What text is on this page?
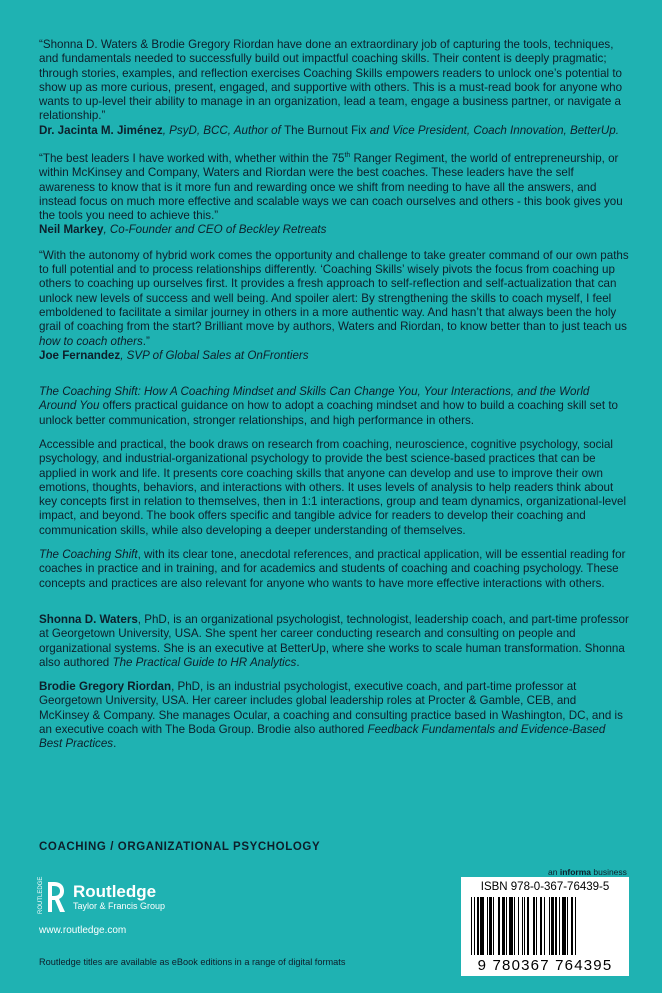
“Shonna D. Waters & Brodie Gregory Riordan have done an extraordinary job of capturing the tools, techniques, and fundamentals needed to successfully build out impactful coaching skills. Their content is deeply pragmatic; through stories, examples, and reflection exercises Coaching Skills empowers readers to unlock one’s potential to show up as more curious, present, engaged, and supportive with others. This is a must-read book for anyone who wants to up-level their ability to manage in an organization, lead a team, engage a business partner, or navigate a relationship.”

Dr. Jacinta M. Jiménez, PsyD, BCC, Author of The Burnout Fix and Vice President, Coach Innovation, BetterUp.

“The best leaders I have worked with, whether within the 75th Ranger Regiment, the world of entrepreneurship, or within McKinsey and Company, Waters and Riordan were the best coaches. These leaders have the self awareness to know that is it more fun and rewarding once we shift from needing to have all the answers, and instead focus on much more effective and scalable ways we can coach ourselves and others - this book gives you the tools you need to achieve this.”

Neil Markey, Co-Founder and CEO of Beckley Retreats

“With the autonomy of hybrid work comes the opportunity and challenge to take greater command of our own paths to full potential and to process relationships differently. ‘Coaching Skills’ wisely pivots the focus from coaching up others to coaching up ourselves first. It provides a fresh approach to self-reflection and self-actualization that can unlock new levels of success and well being. And spoiler alert: By strengthening the skills to coach myself, I feel emboldened to facilitate a similar journey in others in a more authentic way. And hasn’t that always been the holy grail of coaching from the start? Brilliant move by authors, Waters and Riordan, to know better than to just teach us how to coach others.”

Joe Fernandez, SVP of Global Sales at OnFrontiers

The Coaching Shift: How A Coaching Mindset and Skills Can Change You, Your Interactions, and the World Around You offers practical guidance on how to adopt a coaching mindset and how to build a coaching skill set to unlock better communication, stronger relationships, and high performance in others.

Accessible and practical, the book draws on research from coaching, neuroscience, cognitive psychology, social psychology, and industrial-organizational psychology to provide the best science-based practices that can be applied in work and life. It presents core coaching skills that anyone can develop and use to improve their own emotions, thoughts, behaviors, and interactions with others. It uses levels of analysis to help readers think about key concepts first in relation to themselves, then in 1:1 interactions, group and team dynamics, organizational-level impact, and beyond. The book offers specific and tangible advice for readers to develop their coaching and communication skills, while also developing a deeper understanding of themselves.

The Coaching Shift, with its clear tone, anecdotal references, and practical application, will be essential reading for coaches in practice and in training, and for academics and students of coaching and coaching psychology. These concepts and practices are also relevant for anyone who wants to have more effective interactions with others.

Shonna D. Waters, PhD, is an organizational psychologist, technologist, leadership coach, and part-time professor at Georgetown University, USA. She spent her career conducting research and consulting on people and organizational systems. She is an executive at BetterUp, where she works to scale human transformation. Shonna also authored The Practical Guide to HR Analytics.

Brodie Gregory Riordan, PhD, is an industrial psychologist, executive coach, and part-time professor at Georgetown University, USA. Her career includes global leadership roles at Procter & Gamble, CEB, and McKinsey & Company. She manages Ocular, a coaching and consulting practice based in Washington, DC, and is an executive coach with The Boda Group. Brodie also authored Feedback Fundamentals and Evidence-Based Best Practices.

COACHING / ORGANIZATIONAL PSYCHOLOGY
ROUTLEDGE Routledge
Taylor & Francis Group
www.routledge.com
Routledge titles are available as eBook editions in a range of digital formats
an informa business
ISBN 978-0-367-76439-5
9 780367 764395
